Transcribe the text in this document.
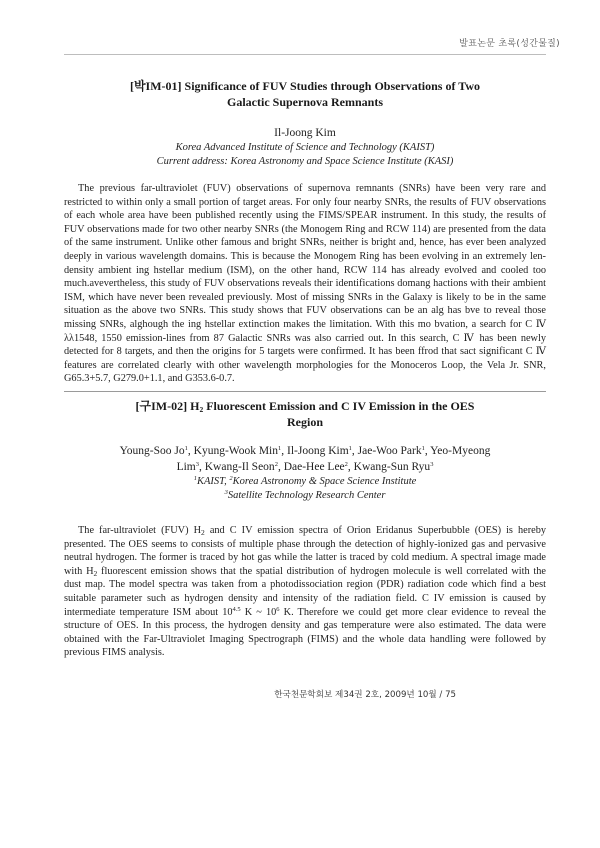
발표논문 초록(성간물질)
[박IM-01] Significance of FUV Studies through Observations of Two
Galactic Supernova Remnants
Il-Joong Kim
Korea Advanced Institute of Science and Technology (KAIST)
Current address: Korea Astronomy and Space Science Institute (KASI)

The previous far-ultraviolet (FUV) observations of supernova remnants (SNRs) have been very rare and restricted to within only a small portion of target areas. For only four nearby SNRs, the results of FUV observations of each whole area have been published recently using the FIMS/SPEAR instrument. In this study, the results of FUV observations made for two other nearby SNRs (the Monogem Ring and RCW 114) are presented from the data of the same instrument. Unlike other famous and bright SNRs, neither is bright and, hence, has ever been analyzed deeply in various wavelength domains. This is because the Monogem Ring has been evolving in an extremely len-density ambient ing hstellar medium (ISM), on the other hand, RCW 114 has already evolved and cooled too much.avevertheless, this study of FUV observations reveals their identifications domang hactions with their ambient ISM, which have never been revealed previously. Most of missing SNRs in the Galaxy is likely to be in the same situation as the above two SNRs. This study shows that FUV observations can be an alg has bve to reveal those missing SNRs, alghough the ing hstellar extinction makes the limitation. With this mo bvation, a search for C Ⅳ λλ1548, 1550 emission-lines from 87 Galactic SNRs was also carried out. In this search, C Ⅳ has been newly detected for 8 targets, and then the origins for 5 targets were confirmed. It has been ffrod that sact significant C Ⅳ features are correlated clearly with other wavelength morphologies for the Monoceros Loop, the Vela Jr. SNR, G65.3+5.7, G279.0+1.1, and G353.6-0.7.

[구IM-02] $H_2$ Fluorescent Emission and C IV Emission in the OES
Region
Young-Soo Jo$^1$, Kyung-Wook Min$^1$, Il-Joong Kim$^1$, Jae-Woo Park$^1$, Yeo-Myeong
Lim$^3$, Kwang-Il Seon$^2$, Dae-Hee Lee$^2$, Kwang-Sun Ryu$^3$
$^1$KAIST, $^2$Korea Astronomy & Space Science Institute
$^3$Satellite Technology Research Center

The far-ultraviolet (FUV) $H_2$ and C IV emission spectra of Orion Eridanus Superbubble (OES) is hereby presented. The OES seems to consists of multiple phase through the detection of highly-ionized gas and pervasive neutral hydrogen. The former is traced by hot gas while the latter is traced by cold medium. A spectral image made with $H_2$ fluorescent emission shows that the spatial distribution of hydrogen molecule is well correlated with the dust map. The model spectra was taken from a photodissociation region (PDR) radiation code which find a best suitable parameter such as hydrogen density and intensity of the radiation field. C IV emission is caused by intermediate temperature ISM about $10^{4.5}$ K ~ $10^6$ K. Therefore we could get more clear evidence to reveal the structure of OES. In this process, the hydrogen density and gas temperature were also estimated. The data were obtained with the Far-Ultraviolet Imaging Spectrograph (FIMS) and the whole data handling were followed by previous FIMS analysis.

한국천문학회보 제34권 2호, 2009년 10월 / 75
